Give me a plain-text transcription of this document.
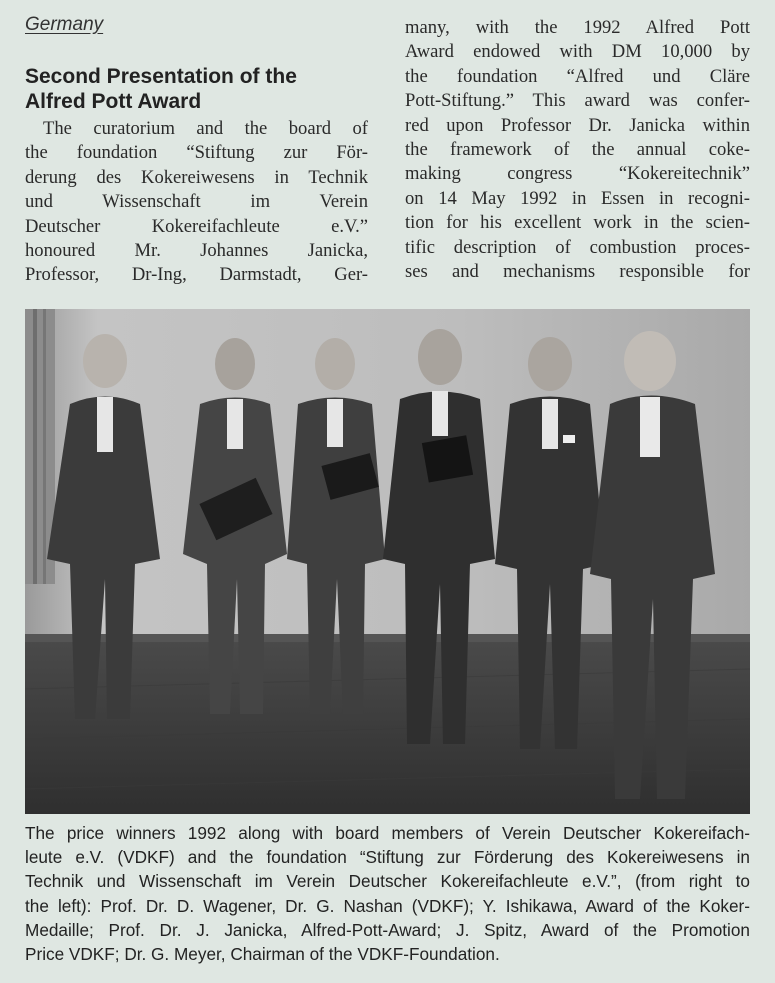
Germany
Second Presentation of the
Alfred Pott Award
The curatorium and the board of
the foundation “Stiftung zur För-
derung des Kokereiwesens in Technik
und Wissenschaft im Verein
Deutscher Kokereifachleute e.V.”
honoured Mr. Johannes Janicka,
Professor, Dr-Ing, Darmstadt, Ger-
many, with the 1992 Alfred Pott
Award endowed with DM 10,000 by
the foundation “Alfred und Cläre
Pott-Stiftung.” This award was confer-
red upon Professor Dr. Janicka within
the framework of the annual coke-
making congress “Kokereitechnik”
on 14 May 1992 in Essen in recogni-
tion for his excellent work in the scien-
tific description of combustion proces-
ses and mechanisms responsible for
The price winners 1992 along with board members of Verein Deutscher Kokereifach-
leute e.V. (VDKF) and the foundation “Stiftung zur Förderung des Kokereiwesens in
Technik und Wissenschaft im Verein Deutscher Kokereifachleute e.V.”, (from right to
the left): Prof. Dr. D. Wagener, Dr. G. Nashan (VDKF); Y. Ishikawa, Award of the Koker-
Medaille; Prof. Dr. J. Janicka, Alfred-Pott-Award; J. Spitz, Award of the Promotion
Price VDKF; Dr. G. Meyer, Chairman of the VDKF-Foundation.
